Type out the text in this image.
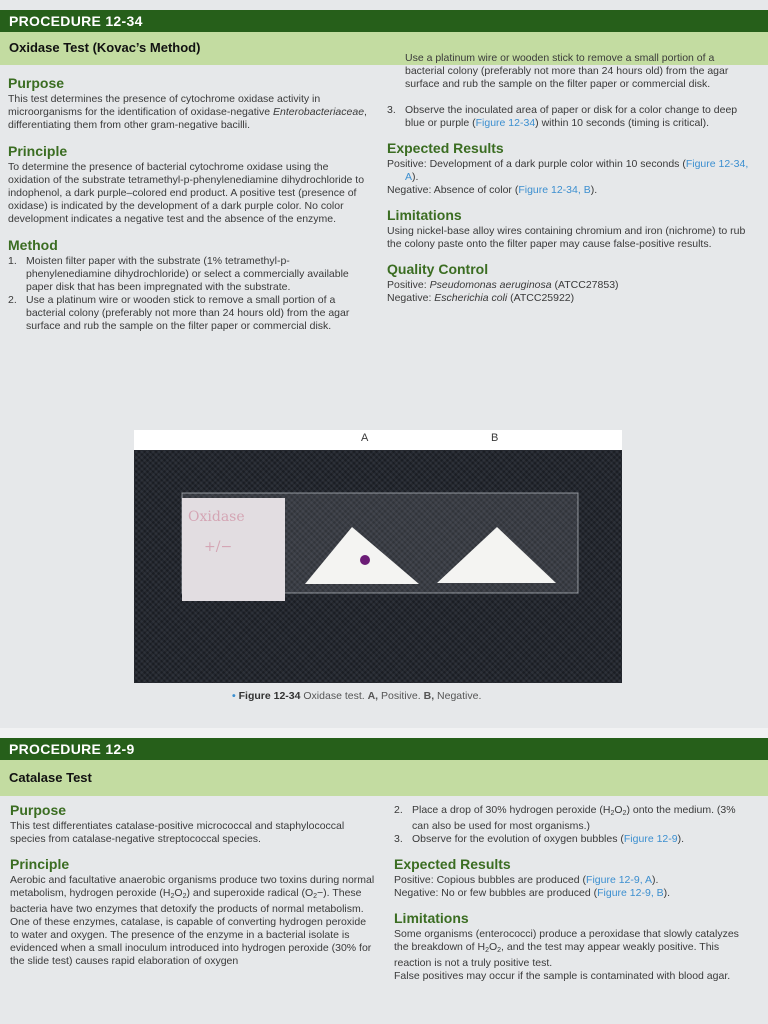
PROCEDURE 12-34
Oxidase Test (Kovac’s Method)
Purpose

This test determines the presence of cytochrome oxidase activity in microorganisms for the identification of oxidase-negative Enterobacteriaceae, differentiating them from other gram-negative bacilli.

Principle

To determine the presence of bacterial cytochrome oxidase using the oxidation of the substrate tetramethyl-p-phenylenediamine dihydrochloride to indophenol, a dark purple–colored end product. A positive test (presence of oxidase) is indicated by the development of a dark purple color. No color development indicates a negative test and the absence of the enzyme.

Method
1. Moisten filter paper with the substrate (1% tetramethyl-p-phenylenediamine dihydrochloride) or select a commercially available paper disk that has been impregnated with the substrate.
2. Use a platinum wire or wooden stick to remove a small portion of a bacterial colony (preferably not more than 24 hours old) from the agar surface and rub the sample on the filter paper or commercial disk.
Use a platinum wire or wooden stick to remove a small portion of a bacterial colony (preferably not more than 24 hours old) from the agar surface and rub the sample on the filter paper or commercial disk.
3. Observe the inoculated area of paper or disk for a color change to deep blue or purple (Figure 12-34) within 10 seconds (timing is critical).
Expected Results

Positive: Development of a dark purple color within 10 seconds (Figure 12-34, A).

Negative: Absence of color (Figure 12-34, B).

Limitations

Using nickel-base alloy wires containing chromium and iron (nichrome) to rub the colony paste onto the filter paper may cause false-positive results.

Quality Control

Positive: Pseudomonas aeruginosa (ATCC27853)

Negative: Escherichia coli (ATCC25922)

A	B
Oxidase
+/−
• Figure 12-34 Oxidase test. A, Positive. B, Negative.
PROCEDURE 12-9
Catalase Test
Purpose

This test differentiates catalase-positive micrococcal and staphylococcal species from catalase-negative streptococcal species.

Principle

Aerobic and facultative anaerobic organisms produce two toxins during normal metabolism, hydrogen peroxide $(H_2O_2)$ and superoxide radical $(O_2-)$. These bacteria have two enzymes that detoxify the products of normal metabolism. One of these enzymes, catalase, is capable of converting hydrogen peroxide to water and oxygen. The presence of the enzyme in a bacterial isolate is evidenced when a small inoculum introduced into hydrogen peroxide (30% for the slide test) causes rapid elaboration of oxygen

2. Place a drop of 30% hydrogen peroxide $(H_2O_2)$ onto the medium. (3% can also be used for most organisms.)
3. Observe for the evolution of oxygen bubbles (Figure 12-9).
Expected Results

Positive: Copious bubbles are produced (Figure 12-9, A).

Negative: No or few bubbles are produced (Figure 12-9, B).

Limitations

Some organisms (enterococci) produce a peroxidase that slowly catalyzes the breakdown of $H_2O_2$, and the test may appear weakly positive. This reaction is not a truly positive test.

False positives may occur if the sample is contaminated with blood agar.
